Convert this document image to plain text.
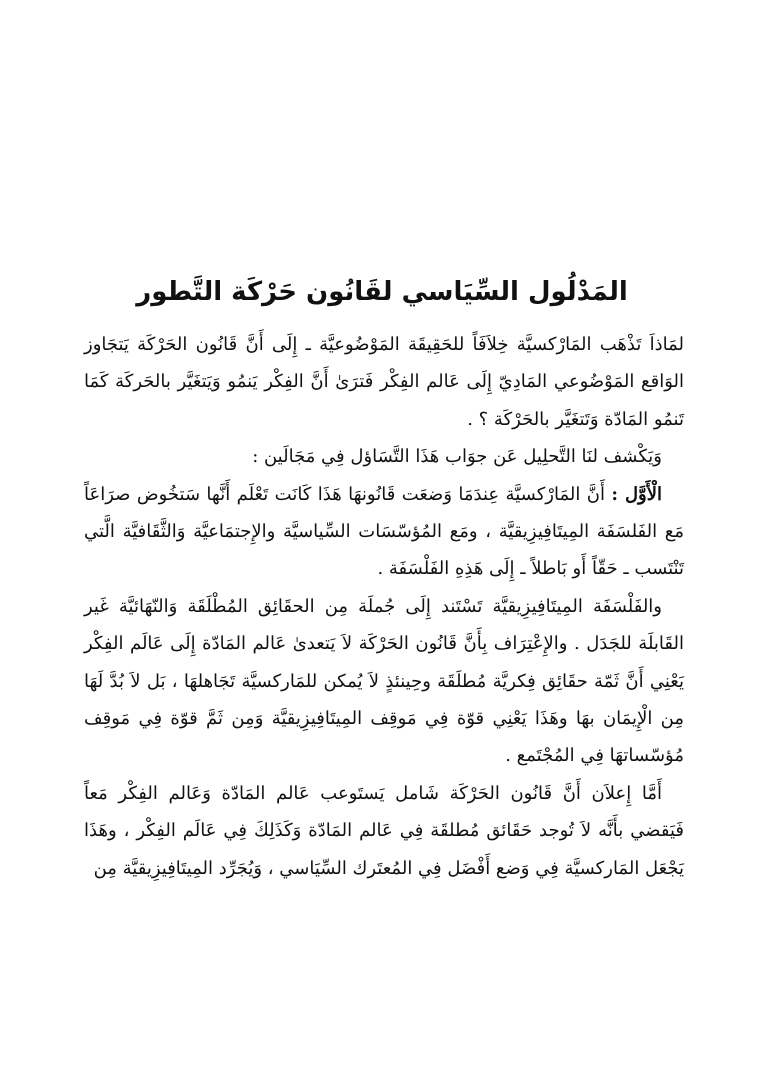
المَدْلُول السِّيَاسي لقَانُون حَرْكَة التَّطور

لمَاذاَ تَذْهَب المَارْكسيَّة خِلاَفَاً للحَقِيقَة المَوْضُوعيَّة ـ إِلَى أَنَّ قَانُون الحَرْكَة يَتجَاوز الوَاقع المَوْضُوعي المَادِيّ إِلَى عَالم الفِكْر فَترَىٰ أَنَّ الفِكْر يَنمُو وَيَتغَيَّر بالحَركَة كَمَا تَنمُو المَادّة وَتَتغَيَّر بالحَرْكَة ؟ .

وَيَكْشف لنَا التَّحلِيل عَن جوَاب هَذَا التَّسَاؤل فِي مَجَالَين :

الْأَوَّل : أَنَّ المَارْكسيَّة عِندَمَا وَضعَت قَانُونهَا هَذَا كَانَت تَعْلَم أَنَّها سَتخُوض صرَاعَاً مَع الفَلسَفَة المِيتَافِيزِيقيَّة ، ومَع المُؤسّسَات السِّياسيَّة والإِجتمَاعيَّة وَالثَّقَافيَّة الَّتي تَنْتَسب ـ حَقّاً أَو بَاطلاً ـ إِلَى هَذِهِ الفَلْسَفَة .

والفَلْسَفَة المِيتَافِيزِيقيَّة تَسْتَند إِلَى جُملَة مِن الحقَائِق المُطْلَقَة وَالنّهَائيَّة غَير القَابلَة للجَدَل . والإِعْتِرَاف بِأَنَّ قَانُون الحَرْكَة لاَ يَتعدىٰ عَالم المَادّة إِلَى عَالَم الفِكْر يَعْنِي أَنَّ ثَمّة حقَائِق فِكريَّة مُطلَقَة وحِينئذٍ لاَ يُمكن للمَاركسيَّة تَجَاهلهَا ، بَل لاَ بُدَّ لَهَا مِن الْإِيمَان بهَا وهَذَا يَعْنِي قوّة فِي مَوقِف المِيتَافِيزِيقيَّة وَمِن ثَمَّ قوّة فِي مَوقِف مُؤسّساتهَا فِي المُجْتَمع .

أَمَّا إِعلاَن أَنَّ قَانُون الحَرْكَة شَامل يَستَوعب عَالم المَادّة وَعَالم الفِكْر مَعاً فَيَقضي بأَنَّه لاَ تُوجد حَقَائق مُطلقَة فِي عَالم المَادّة وَكَذَلِكَ فِي عَالَم الفِكْر ، وهَذَا يَجْعَل المَاركسيَّة فِي وَضع أَفْضَل فِي المُعتَرك السِّيَاسي ، وَيُجَرِّد المِيتَافِيزِيقيَّة مِن
